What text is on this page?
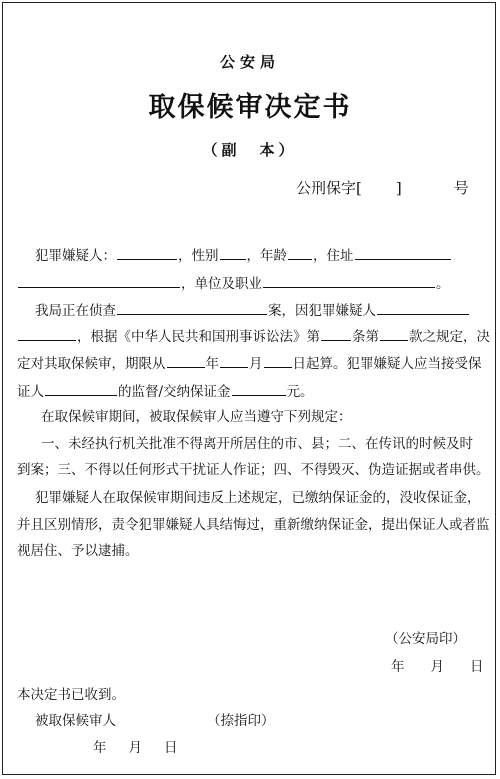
公安局
取保候审决定书
（副　本）
公刑保字[ ]	号
犯罪嫌疑人：	，性别 ，年龄 ，住址
，单位及职业	。
我局正在侦查	案，因犯罪嫌疑人
，根据《中华人民共和国刑事诉讼法》第 条第 款之规定，决
定对其取保候审，期限从	年 月 日起算。犯罪嫌疑人应当接受保
证人	的监督/交纳保证金	元。
在取保候审期间，被取保候审人应当遵守下列规定：
一、未经执行机关批准不得离开所居住的市、县；二、在传讯的时候及时
到案；三、不得以任何形式干扰证人作证；四、不得毁灭、伪造证据或者串供。
犯罪嫌疑人在取保候审期间违反上述规定，已缴纳保证金的，没收保证金，
并且区别情形，责令犯罪嫌疑人具结悔过，重新缴纳保证金，提出保证人或者监
视居住、予以逮捕。
（公安局印）
年 月 日
本决定书已收到。
被取保候审人	（捺指印）
年 月 日
